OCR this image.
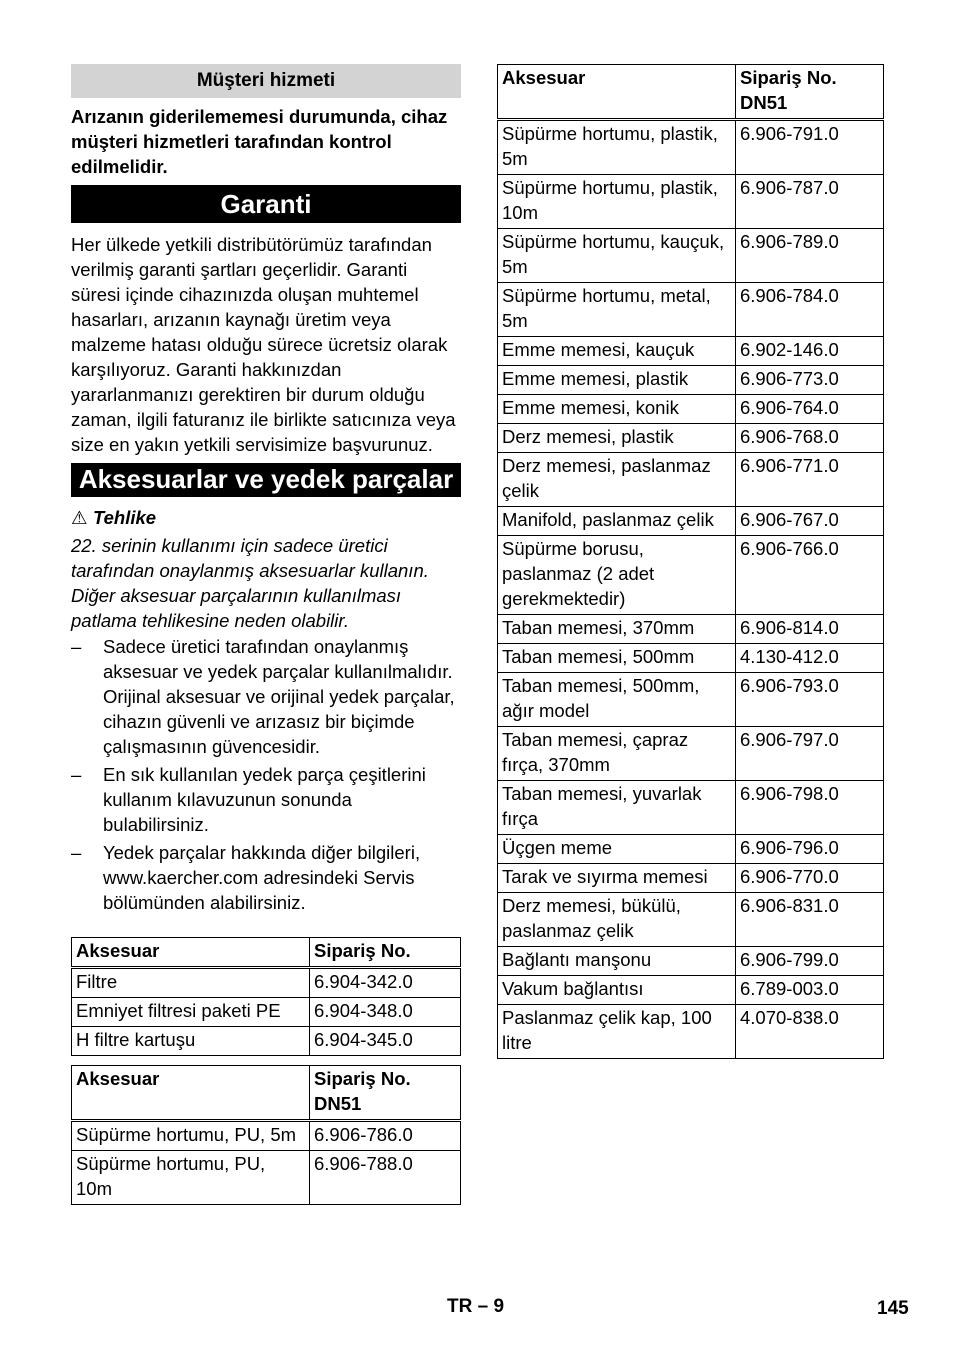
Müşteri hizmeti

Arızanın giderilememesi durumunda, cihaz müşteri hizmetleri tarafından kontrol edilmelidir.

Garanti

Her ülkede yetkili distribütörümüz tarafından verilmiş garanti şartları geçerlidir. Garanti süresi içinde cihazınızda oluşan muhtemel hasarları, arızanın kaynağı üretim veya malzeme hatası olduğu sürece ücretsiz olarak karşılıyoruz. Garanti hakkınızdan yararlanmanızı gerektiren bir durum olduğu zaman, ilgili faturanız ile birlikte satıcınıza veya size en yakın yetkili servisimize başvurunuz.

Aksesuarlar ve yedek parçalar
⚠ Tehlike
22. serinin kullanımı için sadece üretici tarafından onaylanmış aksesuarlar kullanın. Diğer aksesuar parçalarının kullanılması patlama tehlikesine neden olabilir.
– Sadece üretici tarafından onaylanmış aksesuar ve yedek parçalar kullanılmalıdır. Orijinal aksesuar ve orijinal yedek parçalar, cihazın güvenli ve arızasız bir biçimde çalışmasının güvencesidir.
– En sık kullanılan yedek parça çeşitlerini kullanım kılavuzunun sonunda bulabilirsiniz.
– Yedek parçalar hakkında diğer bilgileri, www.kaercher.com adresindeki Servis bölümünden alabilirsiniz.
Aksesuar	Sipariş No.
Filtre	6.904-342.0
Emniyet filtresi paketi PE	6.904-348.0
H filtre kartuşu	6.904-345.0
Aksesuar	Sipariş No. DN51
Süpürme hortumu, PU, 5m	6.906-786.0
Süpürme hortumu, PU, 10m	6.906-788.0
Aksesuar	Sipariş No. DN51
Süpürme hortumu, plastik, 5m	6.906-791.0
Süpürme hortumu, plastik, 10m	6.906-787.0
Süpürme hortumu, kauçuk, 5m	6.906-789.0
Süpürme hortumu, metal, 5m	6.906-784.0
Emme memesi, kauçuk	6.902-146.0
Emme memesi, plastik	6.906-773.0
Emme memesi, konik	6.906-764.0
Derz memesi, plastik	6.906-768.0
Derz memesi, paslanmaz çelik	6.906-771.0
Manifold, paslanmaz çelik	6.906-767.0
Süpürme borusu, paslanmaz (2 adet gerekmektedir)	6.906-766.0
Taban memesi, 370mm	6.906-814.0
Taban memesi, 500mm	4.130-412.0
Taban memesi, 500mm, ağır model	6.906-793.0
Taban memesi, çapraz fırça, 370mm	6.906-797.0
Taban memesi, yuvarlak fırça	6.906-798.0
Üçgen meme	6.906-796.0
Tarak ve sıyırma memesi	6.906-770.0
Derz memesi, bükülü, paslanmaz çelik	6.906-831.0
Bağlantı manşonu	6.906-799.0
Vakum bağlantısı	6.789-003.0
Paslanmaz çelik kap, 100 litre	4.070-838.0
TR – 9	145
